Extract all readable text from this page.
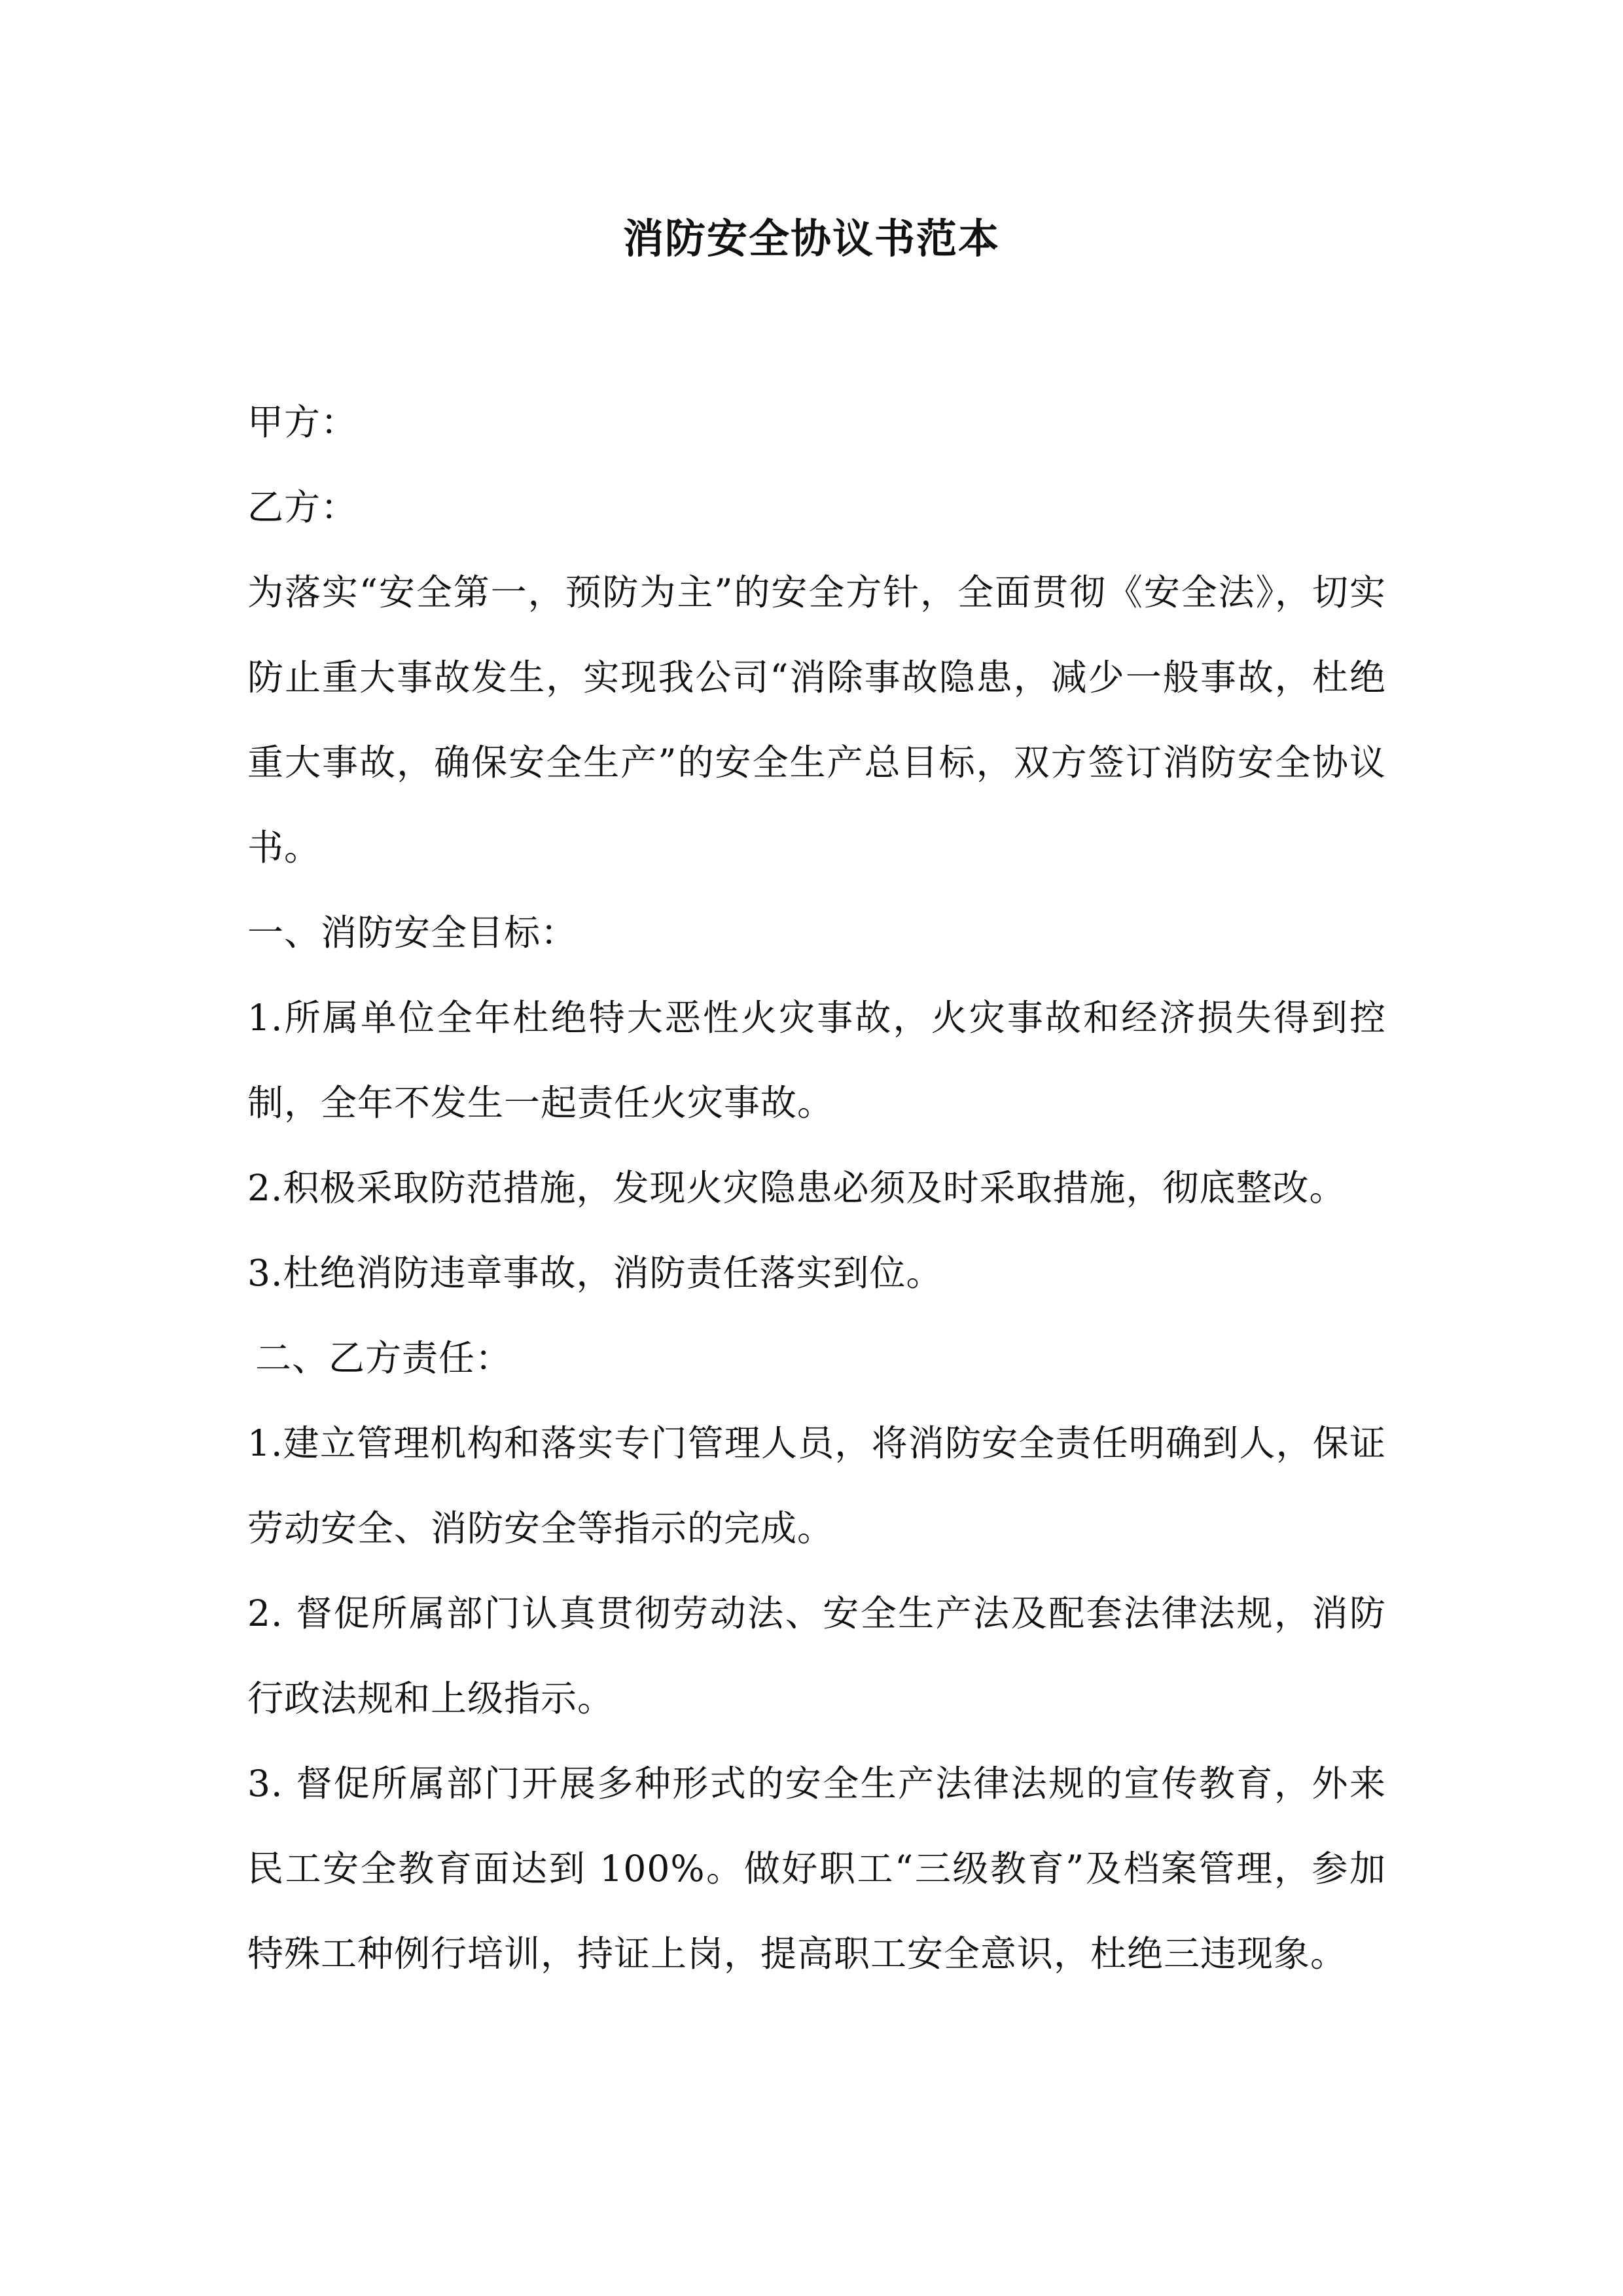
消防安全协议书范本

甲方：

乙方：

为落实“安全第一，预防为主”的安全方针，全面贯彻《安全法》，切实防止重大事故发生，实现我公司“消除事故隐患，减少一般事故，杜绝重大事故，确保安全生产”的安全生产总目标，双方签订消防安全协议书。

一、消防安全目标：

1.所属单位全年杜绝特大恶性火灾事故，火灾事故和经济损失得到控制，全年不发生一起责任火灾事故。

2.积极采取防范措施，发现火灾隐患必须及时采取措施，彻底整改。

3.杜绝消防违章事故，消防责任落实到位。

二、乙方责任：

1.建立管理机构和落实专门管理人员，将消防安全责任明确到人，保证劳动安全、消防安全等指示的完成。

2. 督促所属部门认真贯彻劳动法、安全生产法及配套法律法规，消防行政法规和上级指示。

3. 督促所属部门开展多种形式的安全生产法律法规的宣传教育，外来民工安全教育面达到 100%。做好职工“三级教育”及档案管理，参加特殊工种例行培训，持证上岗，提高职工安全意识，杜绝三违现象。
